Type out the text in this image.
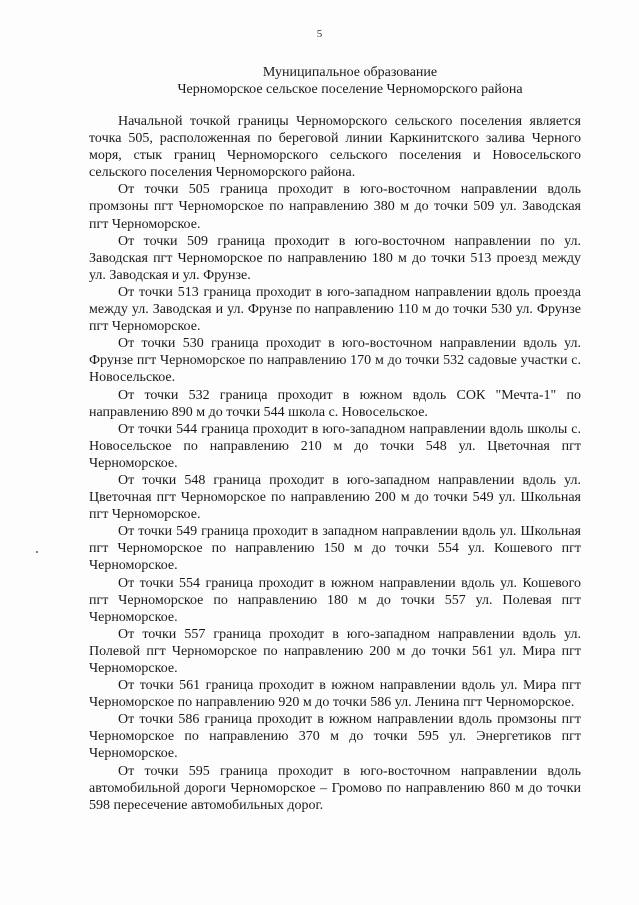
5
Муниципальное образование
Черноморское сельское поселение Черноморского района

Начальной точкой границы Черноморского сельского поселения является точка 505, расположенная по береговой линии Каркинитского залива Черного моря, стык границ Черноморского сельского поселения и Новосельского сельского поселения Черноморского района.

От точки 505 граница проходит в юго-восточном направлении вдоль промзоны пгт Черноморское по направлению 380 м до точки 509 ул. Заводская пгт Черноморское.

От точки 509 граница проходит в юго-восточном направлении по ул. Заводская пгт Черноморское по направлению 180 м до точки 513 проезд между ул. Заводская и ул. Фрунзе.

От точки 513 граница проходит в юго-западном направлении вдоль проезда между ул. Заводская и ул. Фрунзе по направлению 110 м до точки 530 ул. Фрунзе пгт Черноморское.

От точки 530 граница проходит в юго-восточном направлении вдоль ул. Фрунзе пгт Черноморское по направлению 170 м до точки 532 садовые участки с. Новосельское.

От точки 532 граница проходит в южном вдоль СОК "Мечта-1" по направлению 890 м до точки 544 школа с. Новосельское.

От точки 544 граница проходит в юго-западном направлении вдоль школы с. Новосельское по направлению 210 м до точки 548 ул. Цветочная пгт Черноморское.

От точки 548 граница проходит в юго-западном направлении вдоль ул. Цветочная пгт Черноморское по направлению 200 м до точки 549 ул. Школьная пгт Черноморское.

От точки 549 граница проходит в западном направлении вдоль ул. Школьная пгт Черноморское по направлению 150 м до точки 554 ул. Кошевого пгт Черноморское.

От точки 554 граница проходит в южном направлении вдоль ул. Кошевого пгт Черноморское по направлению 180 м до точки 557 ул. Полевая пгт Черноморское.

От точки 557 граница проходит в юго-западном направлении вдоль ул. Полевой пгт Черноморское по направлению 200 м до точки 561 ул. Мира пгт Черноморское.

От точки 561 граница проходит в южном направлении вдоль ул. Мира пгт Черноморское по направлению 920 м до точки 586 ул. Ленина пгт Черноморское.

От точки 586 граница проходит в южном направлении вдоль промзоны пгт Черноморское по направлению 370 м до точки 595 ул. Энергетиков пгт Черноморское.

От точки 595 граница проходит в юго-восточном направлении вдоль автомобильной дороги Черноморское – Громово по направлению 860 м до точки 598 пересечение автомобильных дорог.
